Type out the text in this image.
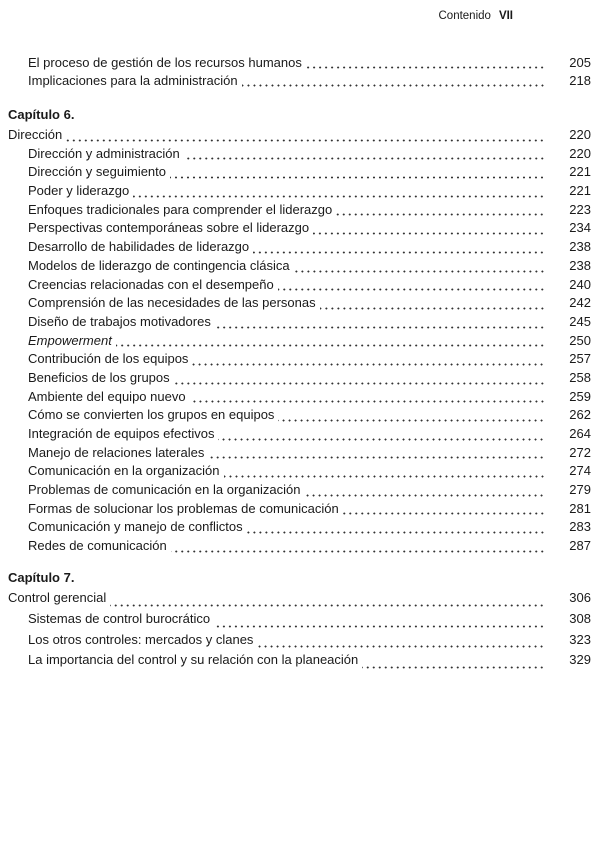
Contenido VII
El proceso de gestión de los recursos humanos	205
Implicaciones para la administración	218
Capítulo 6.
Dirección	220
Dirección y administración	220
Dirección y seguimiento	221
Poder y liderazgo	221
Enfoques tradicionales para comprender el liderazgo	223
Perspectivas contemporáneas sobre el liderazgo	234
Desarrollo de habilidades de liderazgo	238
Modelos de liderazgo de contingencia clásica	238
Creencias relacionadas con el desempeño	240
Comprensión de las necesidades de las personas	242
Diseño de trabajos motivadores	245
Empowerment	250
Contribución de los equipos	257
Beneficios de los grupos	258
Ambiente del equipo nuevo	259
Cómo se convierten los grupos en equipos	262
Integración de equipos efectivos	264
Manejo de relaciones laterales	272
Comunicación en la organización	274
Problemas de comunicación en la organización	279
Formas de solucionar los problemas de comunicación	281
Comunicación y manejo de conflictos	283
Redes de comunicación	287
Capítulo 7.
Control gerencial	306
Sistemas de control burocrático	308
Los otros controles: mercados y clanes	323
La importancia del control y su relación con la planeación	329
